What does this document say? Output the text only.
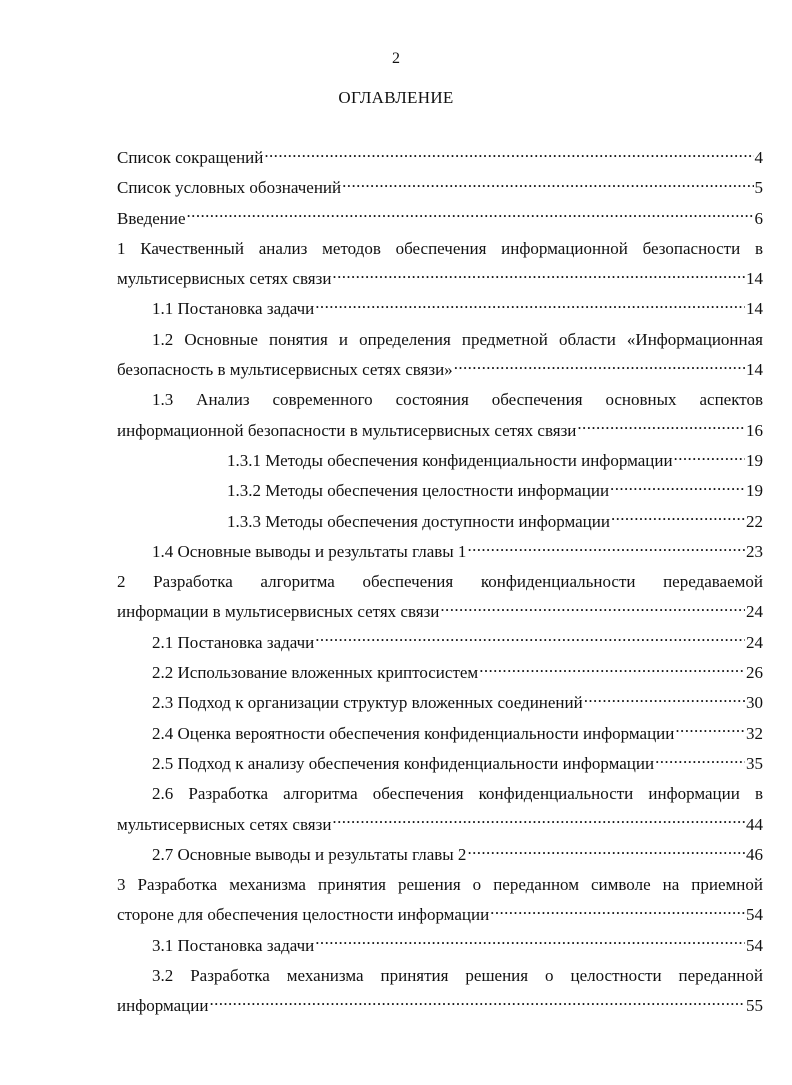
2
ОГЛАВЛЕНИЕ
Список сокращений .....	4
Список условных обозначений .....	5
Введение .....	6
1 Качественный анализ методов обеспечения информационной безопасности в
мультисервисных сетях связи .....	14
1.1 Постановка задачи .....	14
1.2 Основные понятия и определения предметной области «Информационная
безопасность в мультисервисных сетях связи» .....	14
1.3 Анализ современного состояния обеспечения основных аспектов
информационной безопасности в мультисервисных сетях связи .....	16
1.3.1 Методы обеспечения конфиденциальности информации .....	19
1.3.2 Методы обеспечения целостности информации .....	19
1.3.3 Методы обеспечения доступности информации .....	22
1.4 Основные выводы и результаты главы 1 .....	23
2 Разработка алгоритма обеспечения конфиденциальности передаваемой
информации в мультисервисных сетях связи .....	24
2.1 Постановка задачи .....	24
2.2 Использование вложенных криптосистем .....	26
2.3 Подход к организации структур вложенных соединений .....	30
2.4 Оценка вероятности обеспечения конфиденциальности информации .....	32
2.5 Подход к анализу обеспечения конфиденциальности информации .....	35
2.6 Разработка алгоритма обеспечения конфиденциальности информации в
мультисервисных сетях связи .....	44
2.7 Основные выводы и результаты главы 2 .....	46
3 Разработка механизма принятия решения о переданном символе на приемной
стороне для обеспечения целостности информации .....	54
3.1 Постановка задачи .....	54
3.2 Разработка механизма принятия решения о целостности переданной
информации .....	55
